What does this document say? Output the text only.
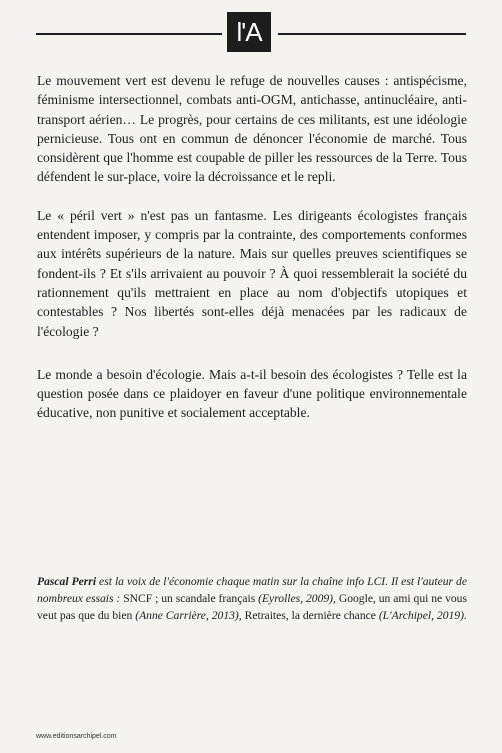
l'A

Le mouvement vert est devenu le refuge de nouvelles causes : antispécisme, féminisme intersectionnel, combats anti-OGM, antichasse, antinucléaire, anti-transport aérien… Le progrès, pour certains de ces militants, est une idéologie pernicieuse. Tous ont en commun de dénoncer l'économie de marché. Tous considèrent que l'homme est coupable de piller les ressources de la Terre. Tous défendent le sur-place, voire la décroissance et le repli.

Le « péril vert » n'est pas un fantasme. Les dirigeants écologistes français entendent imposer, y compris par la contrainte, des comportements conformes aux intérêts supérieurs de la nature. Mais sur quelles preuves scientifiques se fondent-ils ? Et s'ils arrivaient au pouvoir ? À quoi ressemblerait la société du rationnement qu'ils mettraient en place au nom d'objectifs utopiques et contestables ? Nos libertés sont-elles déjà menacées par les radicaux de l'écologie ?

Le monde a besoin d'écologie. Mais a-t-il besoin des écologistes ? Telle est la question posée dans ce plaidoyer en faveur d'une politique environnementale éducative, non punitive et socialement acceptable.

Pascal Perri est la voix de l'économie chaque matin sur la chaîne info LCI. Il est l'auteur de nombreux essais : SNCF ; un scandale français (Eyrolles, 2009), Google, un ami qui ne vous veut pas que du bien (Anne Carrière, 2013), Retraites, la dernière chance (L'Archipel, 2019).
www.editionsarchipel.com
